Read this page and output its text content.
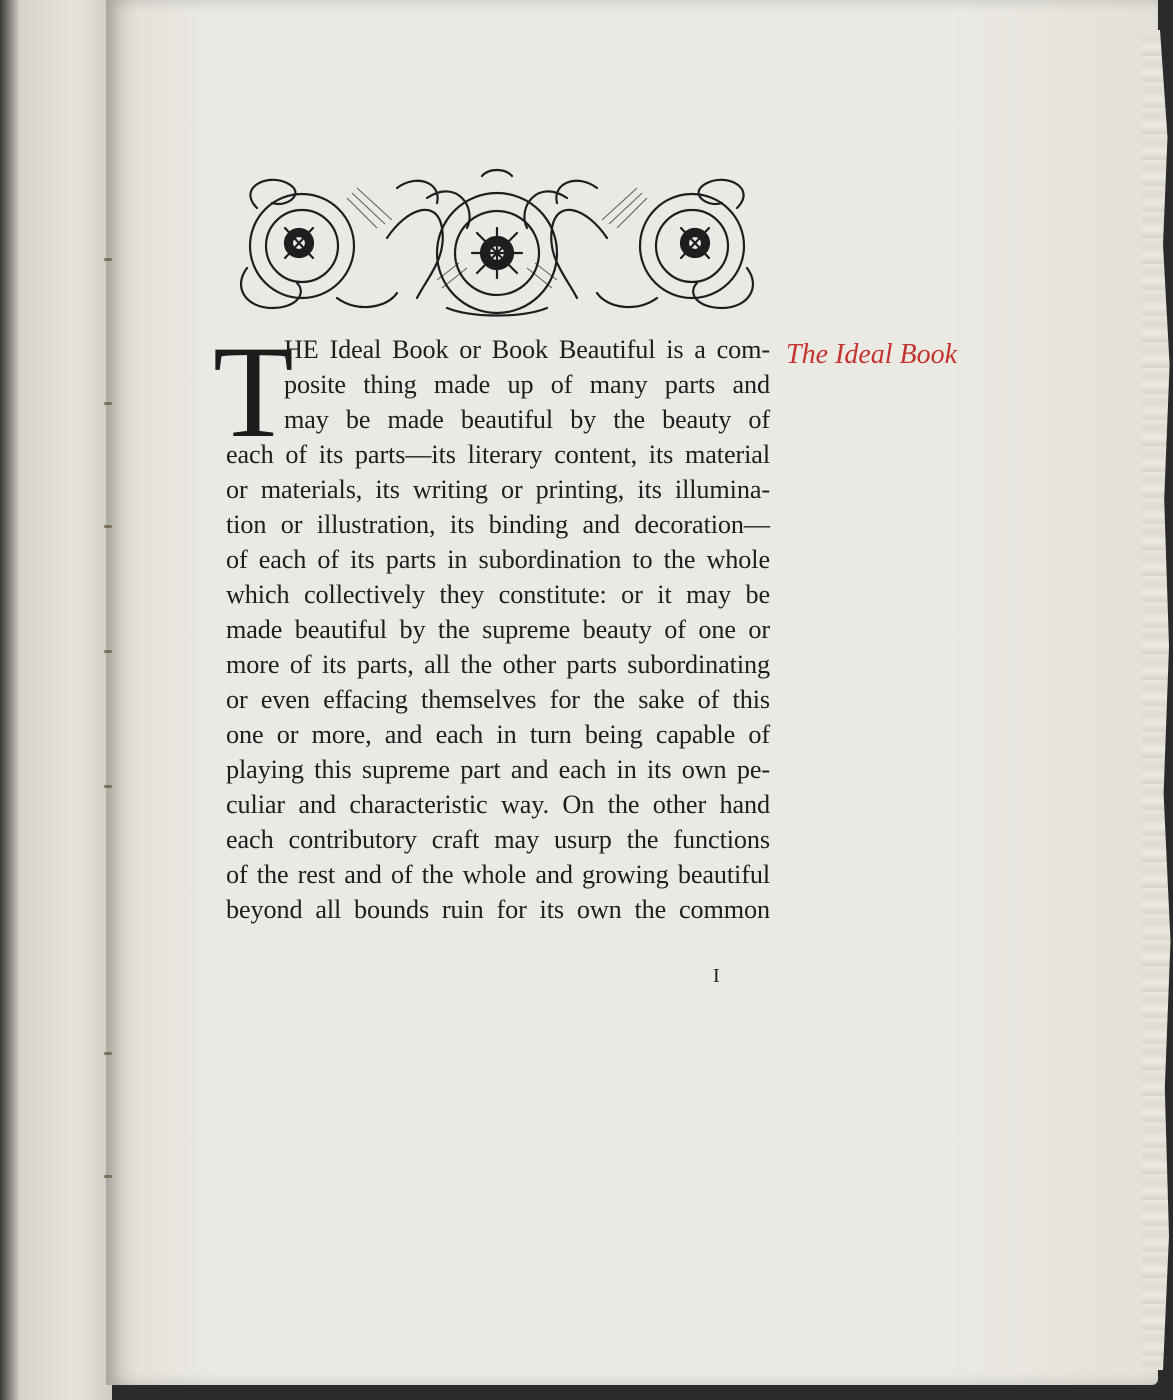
T
HE Ideal Book or Book Beautiful is a com-
posite thing made up of many parts and
may be made beautiful by the beauty of
each of its parts—its literary content, its material
or materials, its writing or printing, its illumina-
tion or illustration, its binding and decoration—
of each of its parts in subordination to the whole
which collectively they constitute: or it may be
made beautiful by the supreme beauty of one or
more of its parts, all the other parts subordinating
or even effacing themselves for the sake of this
one or more, and each in turn being capable of
playing this supreme part and each in its own pe-
culiar and characteristic way. On the other hand
each contributory craft may usurp the functions
of the rest and of the whole and growing beautiful
beyond all bounds ruin for its own the common
The Ideal Book
I
